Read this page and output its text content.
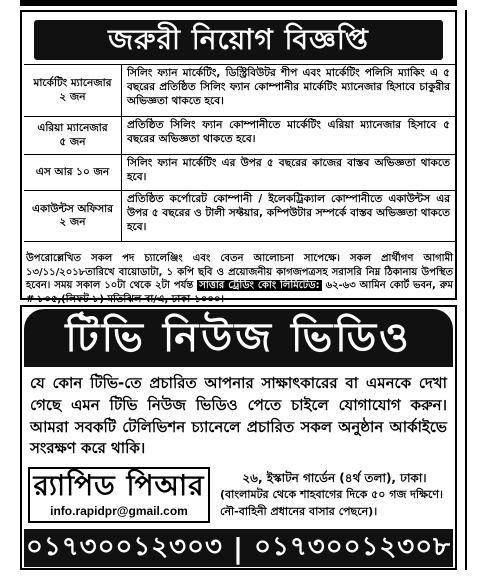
জরুরী নিয়োগ বিজ্ঞপ্তি
মার্কেটিং ম্যানেজার
২ জন
সিলিং ফ্যান মার্কেটিং, ডিস্ট্রিবিউটর শীপ এবং মার্কেটিং পলিসি ম্যাকিং এ ৫ বছরের প্রতিষ্ঠিত সিলিং ফ্যান কোম্পানীর মার্কেটিং ম্যানেজার হিসাবে চাকুরীর অভিজ্ঞতা থাকতে হবে।
এরিয়া ম্যানেজার
৫ জন
প্রতিষ্ঠিত সিলিং ফ্যান কোম্পানীতে মার্কেটিং এরিয়া ম্যানেজার হিসাবে ৫ বছরের অভিজ্ঞতা থাকতে হবে।
এস আর ১০ জন
সিলিং ফ্যান মার্কেটিং এর উপর ৫ বছরের কাজের বাস্তব অভিজ্ঞতা থাকতে হবে।
একাউন্টস অফিসার
২ জন
প্রতিষ্ঠিত কর্পোরেট কোম্পানী / ইলেকট্রিক্যাল কোম্পানীতে একাউন্টস এর উপর ৫ বছরের ও টালী সফ্টয়ার, কম্পিউটার সম্পর্কে বাস্তব অভিজ্ঞতা থাকতে হবে।
উপরোল্লেখিত সকল পদ চ্যালেঞ্জিং এবং বেতন আলোচনা সাপেক্ষে। সকল প্রার্থীগণ আগামী ১৩/১১/২০১৮তারিখে বায়োডাটা, ১ কপি ছবি ও প্রয়োজনীয় কাগজপত্রসহ সরাসরি নিম্ন ঠিকানায় উপস্থিত হবেন। সময় সকাল ১০টা থেকে ২টা পর্যন্ত সাত্তার ট্রেডিং কোং লিমিটেড: ৬২-৬৩ আমিন কোর্ট ভবন, রুম # ৮০৫,(লিফট-৮) মতিঝিল বা/এ, ঢাকা-১০০০।
টিভি নিউজ ভিডিও
যে কোন টিভি-তে প্রচারিত আপনার সাক্ষাৎকারের বা এমনকে দেখা গেছে এমন টিভি নিউজ ভিডিও পেতে চাইলে যোগাযোগ করুন। আমরা সবকটি টেলিভিশন চ্যানেলে প্রচারিত সকল অনুষ্ঠান আর্কাইভে সংরক্ষণ করে থাকি।
র‍্যাপিড পিআর
info.rapidpr@gmail.com
২৬, ইস্কাটন গার্ডেন (৪র্থ তলা), ঢাকা।
(বাংলামটর থেকে শাহবাগের দিকে ৫০ গজ দক্ষিণে। নৌ-বাহিনী প্রধানের বাসার পেছনে)।
০১৭৩০০১২৩০৩ | ০১৭৩০০১২৩০৮
